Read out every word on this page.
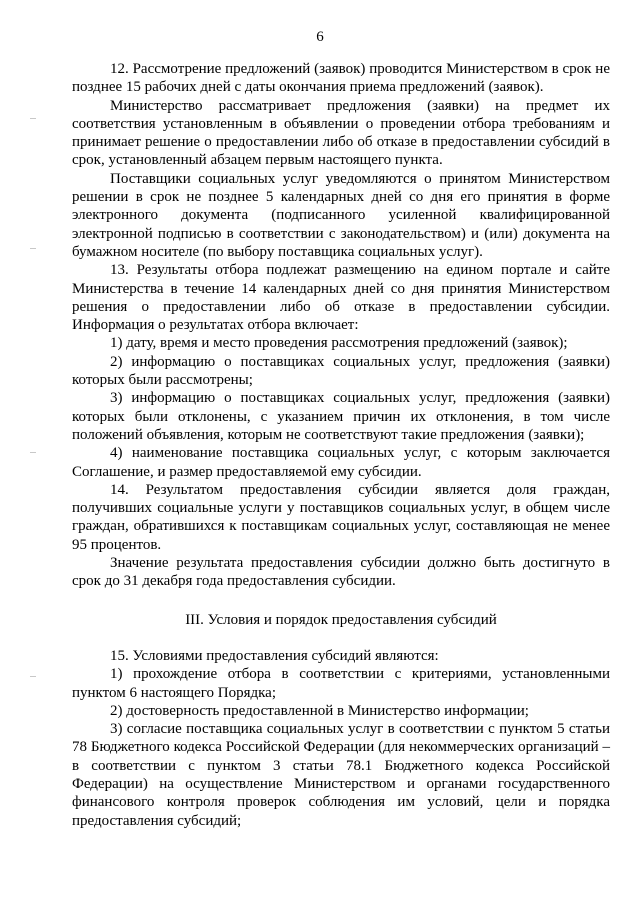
6

12. Рассмотрение предложений (заявок) проводится Министерством в срок не позднее 15 рабочих дней с даты окончания приема предложений (заявок).

Министерство рассматривает предложения (заявки) на предмет их соответствия установленным в объявлении о проведении отбора требованиям и принимает решение о предоставлении либо об отказе в предоставлении субсидий в срок, установленный абзацем первым настоящего пункта.

Поставщики социальных услуг уведомляются о принятом Министерством решении в срок не позднее 5 календарных дней со дня его принятия в форме электронного документа (подписанного усиленной квалифицированной электронной подписью в соответствии с законодательством) и (или) документа на бумажном носителе (по выбору поставщика социальных услуг).

13. Результаты отбора подлежат размещению на едином портале и сайте Министерства в течение 14 календарных дней со дня принятия Министерством решения о предоставлении либо об отказе в предоставлении субсидии. Информация о результатах отбора включает:

1) дату, время и место проведения рассмотрения предложений (заявок);

2) информацию о поставщиках социальных услуг, предложения (заявки) которых были рассмотрены;

3) информацию о поставщиках социальных услуг, предложения (заявки) которых были отклонены, с указанием причин их отклонения, в том числе положений объявления, которым не соответствуют такие предложения (заявки);

4) наименование поставщика социальных услуг, с которым заключается Соглашение, и размер предоставляемой ему субсидии.

14. Результатом предоставления субсидии является доля граждан, получивших социальные услуги у поставщиков социальных услуг, в общем числе граждан, обратившихся к поставщикам социальных услуг, составляющая не менее 95 процентов.

Значение результата предоставления субсидии должно быть достигнуто в срок до 31 декабря года предоставления субсидии.

III. Условия и порядок предоставления субсидий

15. Условиями предоставления субсидий являются:

1) прохождение отбора в соответствии с критериями, установленными пунктом 6 настоящего Порядка;

2) достоверность предоставленной в Министерство информации;

3) согласие поставщика социальных услуг в соответствии с пунктом 5 статьи 78 Бюджетного кодекса Российской Федерации (для некоммерческих организаций – в соответствии с пунктом 3 статьи 78.1 Бюджетного кодекса Российской Федерации) на осуществление Министерством и органами государственного финансового контроля проверок соблюдения им условий, цели и порядка предоставления субсидий;
